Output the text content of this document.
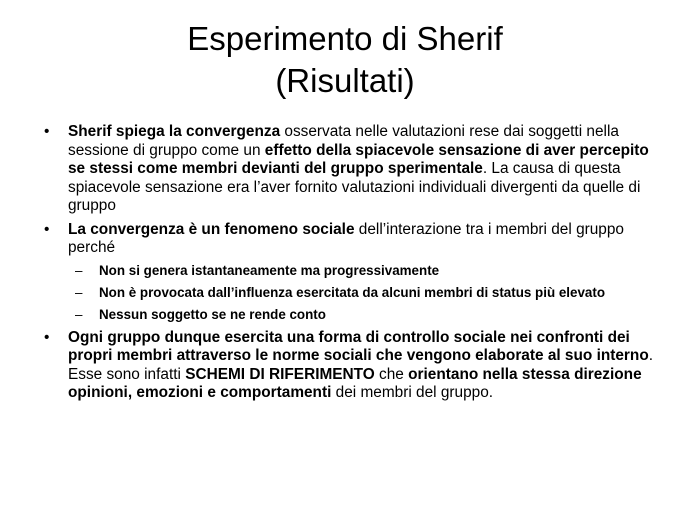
Esperimento di Sherif
(Risultati)
• Sherif spiega la convergenza osservata nelle valutazioni rese dai soggetti nella sessione di gruppo come un effetto della spiacevole sensazione di aver percepito se stessi come membri devianti del gruppo sperimentale. La causa di questa spiacevole sensazione era l’aver fornito valutazioni individuali divergenti da quelle di gruppo
• La convergenza è un fenomeno sociale dell’interazione tra i membri del gruppo perché
– Non si genera istantaneamente ma progressivamente
– Non è provocata dall’influenza esercitata da alcuni membri di status più elevato
– Nessun soggetto se ne rende conto
• Ogni gruppo dunque esercita una forma di controllo sociale nei confronti dei propri membri attraverso le norme sociali che vengono elaborate al suo interno. Esse sono infatti SCHEMI DI RIFERIMENTO che orientano nella stessa direzione opinioni, emozioni e comportamenti dei membri del gruppo.
